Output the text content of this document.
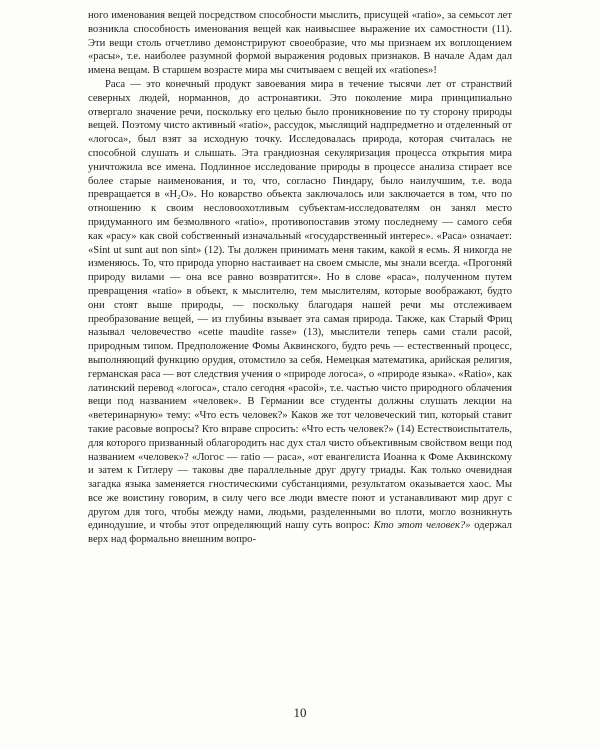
ного именования вещей посредством способности мыслить, присущей «ratio», за семьсот лет возникла способность именования вещей как наивысшее выражение их самостности (11). Эти вещи столь отчетливо демонстрируют своеобразие, что мы признаем их воплощением «расы», т.е. наиболее разумной формой выражения родовых признаков. В начале Адам дал имена вещам. В старшем возрасте мира мы считываем с вещей их «rationes»!

Раса — это конечный продукт завоевания мира в течение тысячи лет от странствий северных людей, норманнов, до астронавтики. Это поколение мира принципиально отвергало значение речи, поскольку его целью было проникновение по ту сторону природы вещей. Поэтому чисто активный «ratio», рассудок, мыслящий надпредметно и отделенный от «логоса», был взят за исходную точку. Исследовалась природа, которая считалась не способной слушать и слышать. Эта грандиозная секуляризация процесса открытия мира уничтожила все имена. Подлинное исследование природы в процессе анализа стирает все более старые наименования, и то, что, согласно Пиндару, было наилучшим, т.е. вода превращается в «H₂O». Но коварство объекта заключалось или заключается в том, что по отношению к своим несловоохотливым субъектам-исследователям он занял место придуманного им безмолвного «ratio», противопоставив этому последнему — самого себя как «расу» как свой собственный изначальный «государственный интерес». «Раса» означает: «Sint ut sunt aut non sint» (12). Ты должен принимать меня таким, какой я есмь. Я никогда не изменяюсь. То, что природа упорно настаивает на своем смысле, мы знали всегда. «Прогоняй природу вилами — она все равно возвратится». Но в слове «раса», полученном путем превращения «ratio» в объект, к мыслителю, тем мыслителям, которые воображают, будто они стоят выше природы, — поскольку благодаря нашей речи мы отслеживаем преобразование вещей, — из глубины взывает эта самая природа. Также, как Старый Фриц называл человечество «cette maudite rasse» (13), мыслители теперь сами стали расой, природным типом. Предположение Фомы Аквинского, будто речь — естественный процесс, выполняющий функцию орудия, отомстило за себя. Немецкая математика, арийская религия, германская раса — вот следствия учения о «природе логоса», о «природе языка». «Ratio», как латинский перевод «логоса», стало сегодня «расой», т.е. частью чисто природного облачения вещи под названием «человек». В Германии все студенты должны слушать лекции на «ветеринарную» тему: «Что есть человек?» Каков же тот человеческий тип, который ставит такие расовые вопросы? Кто вправе спросить: «Что есть человек?» (14) Естествоиспытатель, для которого призванный облагородить нас дух стал чисто объективным свойством вещи под названием «человек»? «Логос — ratio — раса», «от евангелиста Иоанна к Фоме Аквинскому и затем к Гитлеру — таковы две параллельные друг другу триады. Как только очевидная загадка языка заменяется гностическими субстанциями, результатом оказывается хаос. Мы все же воистину говорим, в силу чего все люди вместе поют и устанавливают мир друг с другом для того, чтобы между нами, людьми, разделенными во плоти, могло возникнуть единодушие, и чтобы этот определяющий нашу суть вопрос: Кто этот человек?» одержал верх над формально внешним вопро-

10
